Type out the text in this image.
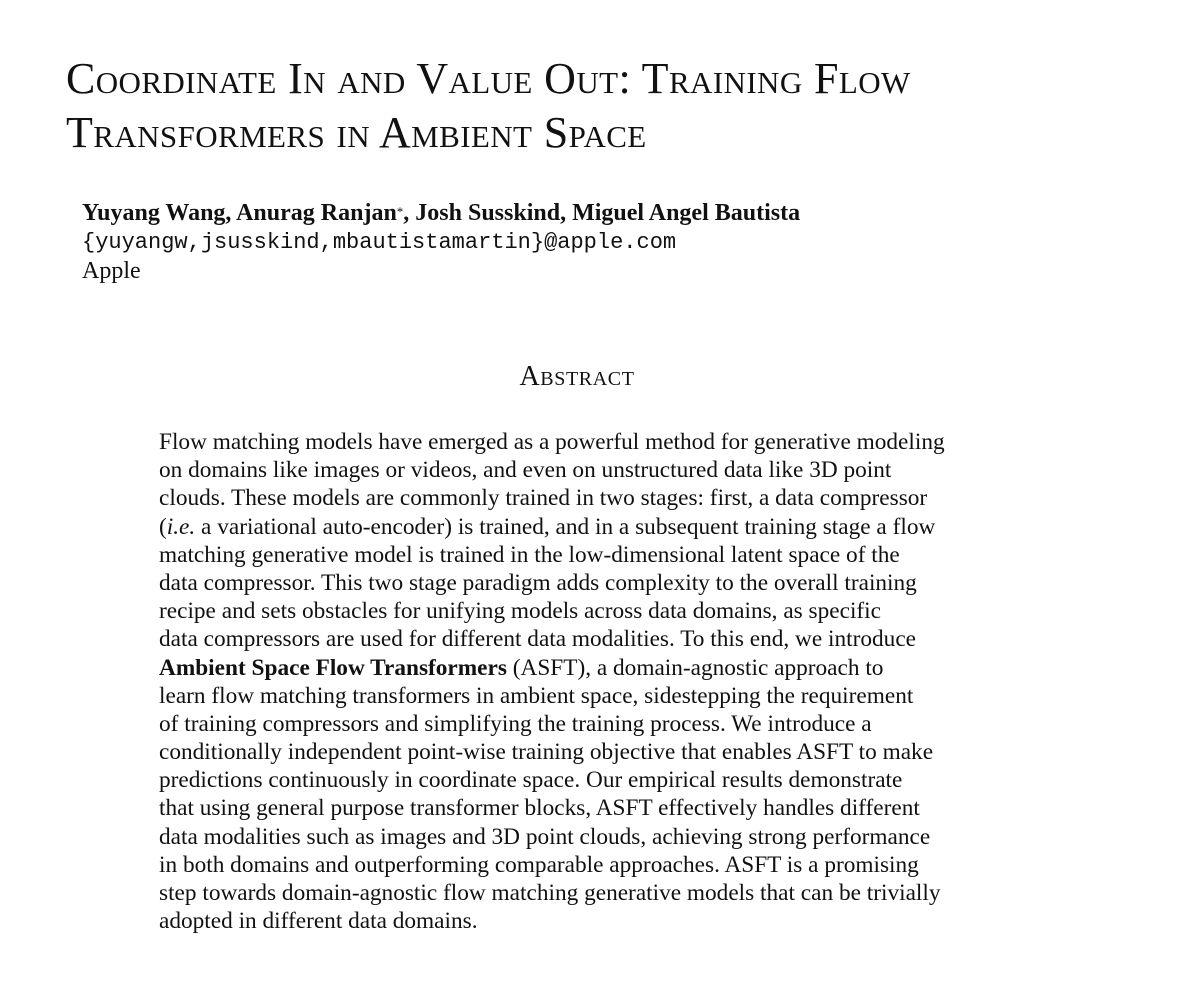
Coordinate In and Value Out: Training Flow
Transformers in Ambient Space
Yuyang Wang, Anurag Ranjan*, Josh Susskind, Miguel Angel Bautista
{yuyangw,jsusskind,mbautistamartin}@apple.com
Apple
Abstract
Flow matching models have emerged as a powerful method for generative modeling
on domains like images or videos, and even on unstructured data like 3D point
clouds. These models are commonly trained in two stages: first, a data compressor
(i.e. a variational auto-encoder) is trained, and in a subsequent training stage a flow
matching generative model is trained in the low-dimensional latent space of the
data compressor. This two stage paradigm adds complexity to the overall training
recipe and sets obstacles for unifying models across data domains, as specific
data compressors are used for different data modalities. To this end, we introduce
Ambient Space Flow Transformers (ASFT), a domain-agnostic approach to
learn flow matching transformers in ambient space, sidestepping the requirement
of training compressors and simplifying the training process. We introduce a
conditionally independent point-wise training objective that enables ASFT to make
predictions continuously in coordinate space. Our empirical results demonstrate
that using general purpose transformer blocks, ASFT effectively handles different
data modalities such as images and 3D point clouds, achieving strong performance
in both domains and outperforming comparable approaches. ASFT is a promising
step towards domain-agnostic flow matching generative models that can be trivially
adopted in different data domains.
